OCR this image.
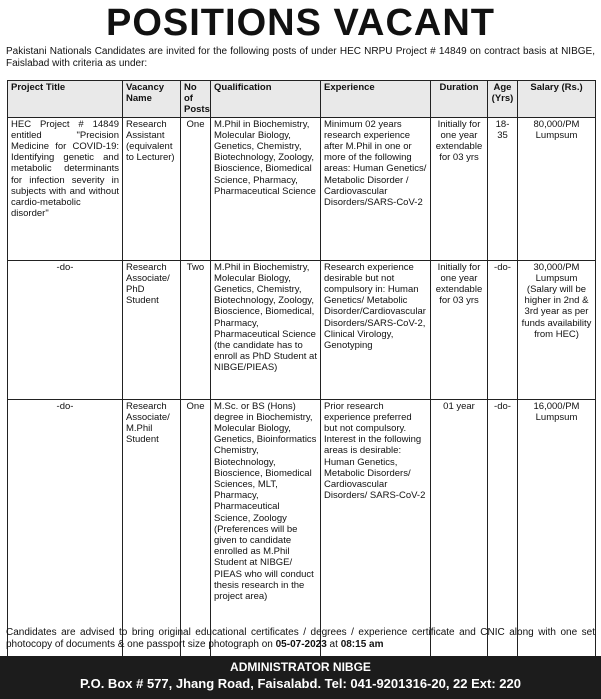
POSITIONS VACANT
Pakistani Nationals Candidates are invited for the following posts of under HEC NRPU Project # 14849 on contract basis at NIBGE, Faislabad with criteria as under:
Project Title	Vacancy Name	No of Posts	Qualification	Experience	Duration	Age (Yrs)	Salary (Rs.)
HEC Project # 14849 entitled "Precision Medicine for COVID-19: Identifying genetic and metabolic determinants for infection severity in subjects with and without cardio-metabolic disorder"	Research Assistant (equivalent to Lecturer)	One	M.Phil in Biochemistry, Molecular Biology, Genetics, Chemistry, Biotechnology, Zoology, Bioscience, Biomedical Science, Pharmacy, Pharmaceutical Science	Minimum 02 years research experience after M.Phil in one or more of the following areas: Human Genetics/ Metabolic Disorder / Cardiovascular Disorders/SARS-CoV-2	Initially for one year extendable for 03 yrs	18-35	80,000/PM Lumpsum
-do-	Research Associate/ PhD Student	Two	M.Phil in Biochemistry, Molecular Biology, Genetics, Chemistry, Biotechnology, Zoology, Bioscience, Biomedical, Pharmacy, Pharmaceutical Science (the candidate has to enroll as PhD Student at NIBGE/PIEAS)	Research experience desirable but not compulsory in: Human Genetics/ Metabolic Disorder/Cardiovascular Disorders/SARS-CoV-2, Clinical Virology, Genotyping	Initially for one year extendable for 03 yrs	-do-	30,000/PM Lumpsum (Salary will be higher in 2nd & 3rd year as per funds availability from HEC)
-do-	Research Associate/ M.Phil Student	One	M.Sc. or BS (Hons) degree in Biochemistry, Molecular Biology, Genetics, Bioinformatics Chemistry, Biotechnology, Bioscience, Biomedical Sciences, MLT, Pharmacy, Pharmaceutical Science, Zoology (Preferences will be given to candidate enrolled as M.Phil Student at NIBGE/ PIEAS who will conduct thesis research in the project area)	Prior research experience preferred but not compulsory. Interest in the following areas is desirable: Human Genetics, Metabolic Disorders/ Cardiovascular Disorders/ SARS-CoV-2	01 year	-do-	16,000/PM Lumpsum
Candidates are advised to bring original educational certificates / degrees / experience certificate and CNIC along with one set photocopy of documents & one passport size photograph on 05-07-2023 at 08:15 am
ADMINISTRATOR NIBGE
P.O. Box # 577, Jhang Road, Faisalabd. Tel: 041-9201316-20, 22 Ext: 220
